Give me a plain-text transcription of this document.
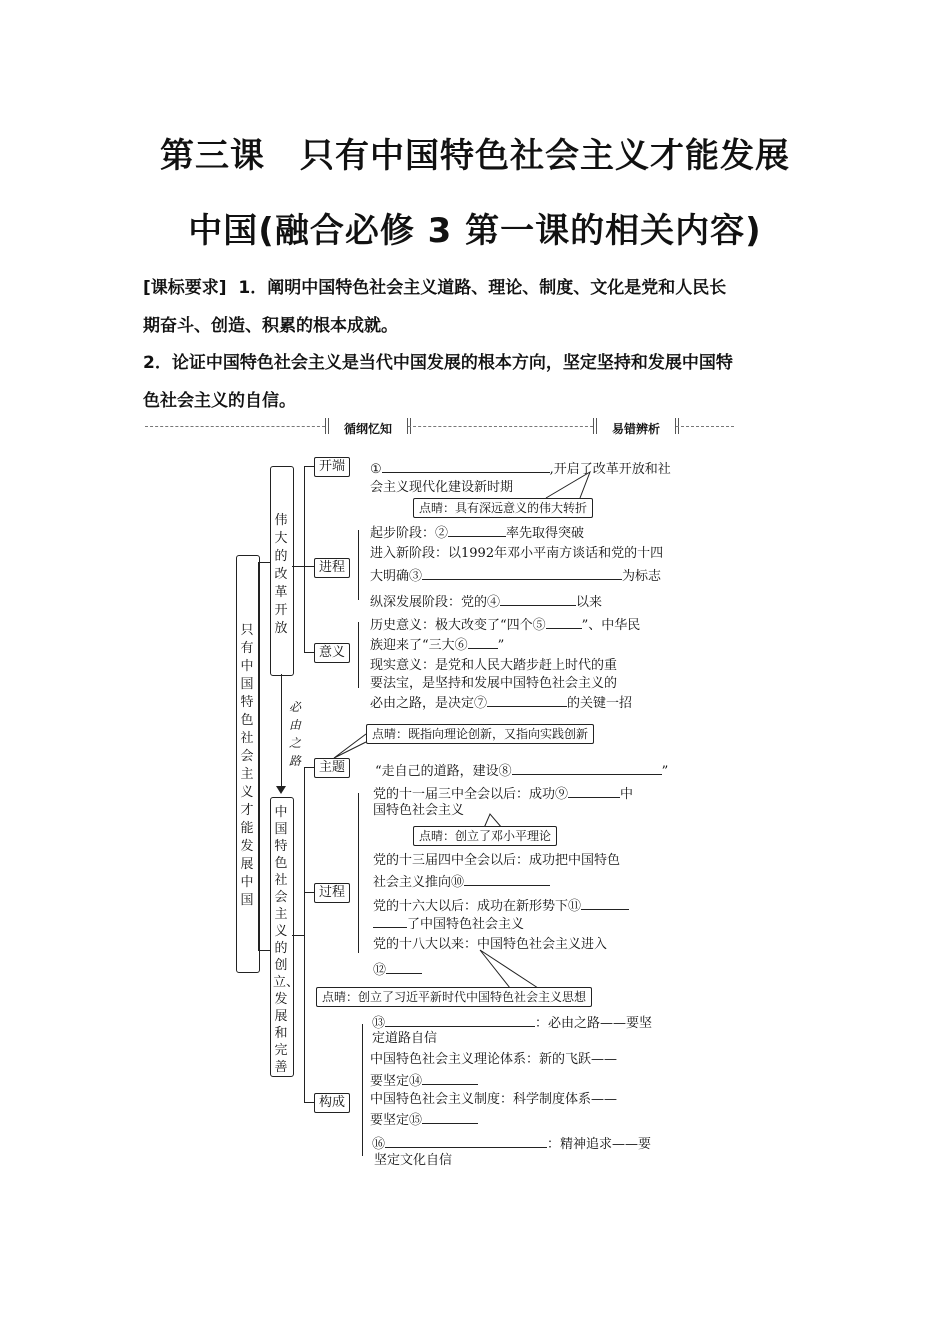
第三课　只有中国特色社会主义才能发展
中国(融合必修 3 第一课的相关内容)
[课标要求] 1．阐明中国特色社会主义道路、理论、制度、文化是党和人民长
期奋斗、创造、积累的根本成就。
2．论证中国特色社会主义是当代中国发展的根本方向，坚定坚持和发展中国特
色社会主义的自信。
循纲忆知	易错辨析
只有中国特色社会主义才能发展中国
伟大的改革开放
必由之路
中国特色社会主义的创立、发展和完善
开端
进程
意义
主题
过程
构成
①	,开启了改革开放和社
会主义现代化建设新时期
点晴：具有深远意义的伟大转折
起步阶段：②	率先取得突破
进入新阶段：以1992年邓小平南方谈话和党的十四
大明确③	为标志
纵深发展阶段：党的④	以来
历史意义：极大改变了“四个⑤	”、中华民
族迎来了“三大⑥ ”
现实意义：是党和人民大踏步赶上时代的重
要法宝，是坚持和发展中国特色社会主义的
必由之路，是决定⑦	的关键一招
点晴：既指向理论创新，又指向实践创新
“走自己的道路，建设⑧	”
党的十一届三中全会以后：成功⑨	中
国特色社会主义
点晴：创立了邓小平理论
党的十三届四中全会以后：成功把中国特色
社会主义推向⑩
党的十六大以后：成功在新形势下⑪
了中国特色社会主义
党的十八大以来：中国特色社会主义进入
⑫
点晴：创立了习近平新时代中国特色社会主义思想
⑬	：必由之路——要坚
定道路自信
中国特色社会主义理论体系：新的飞跃——
要坚定⑭
中国特色社会主义制度：科学制度体系——
要坚定⑮
⑯	：精神追求——要
坚定文化自信
